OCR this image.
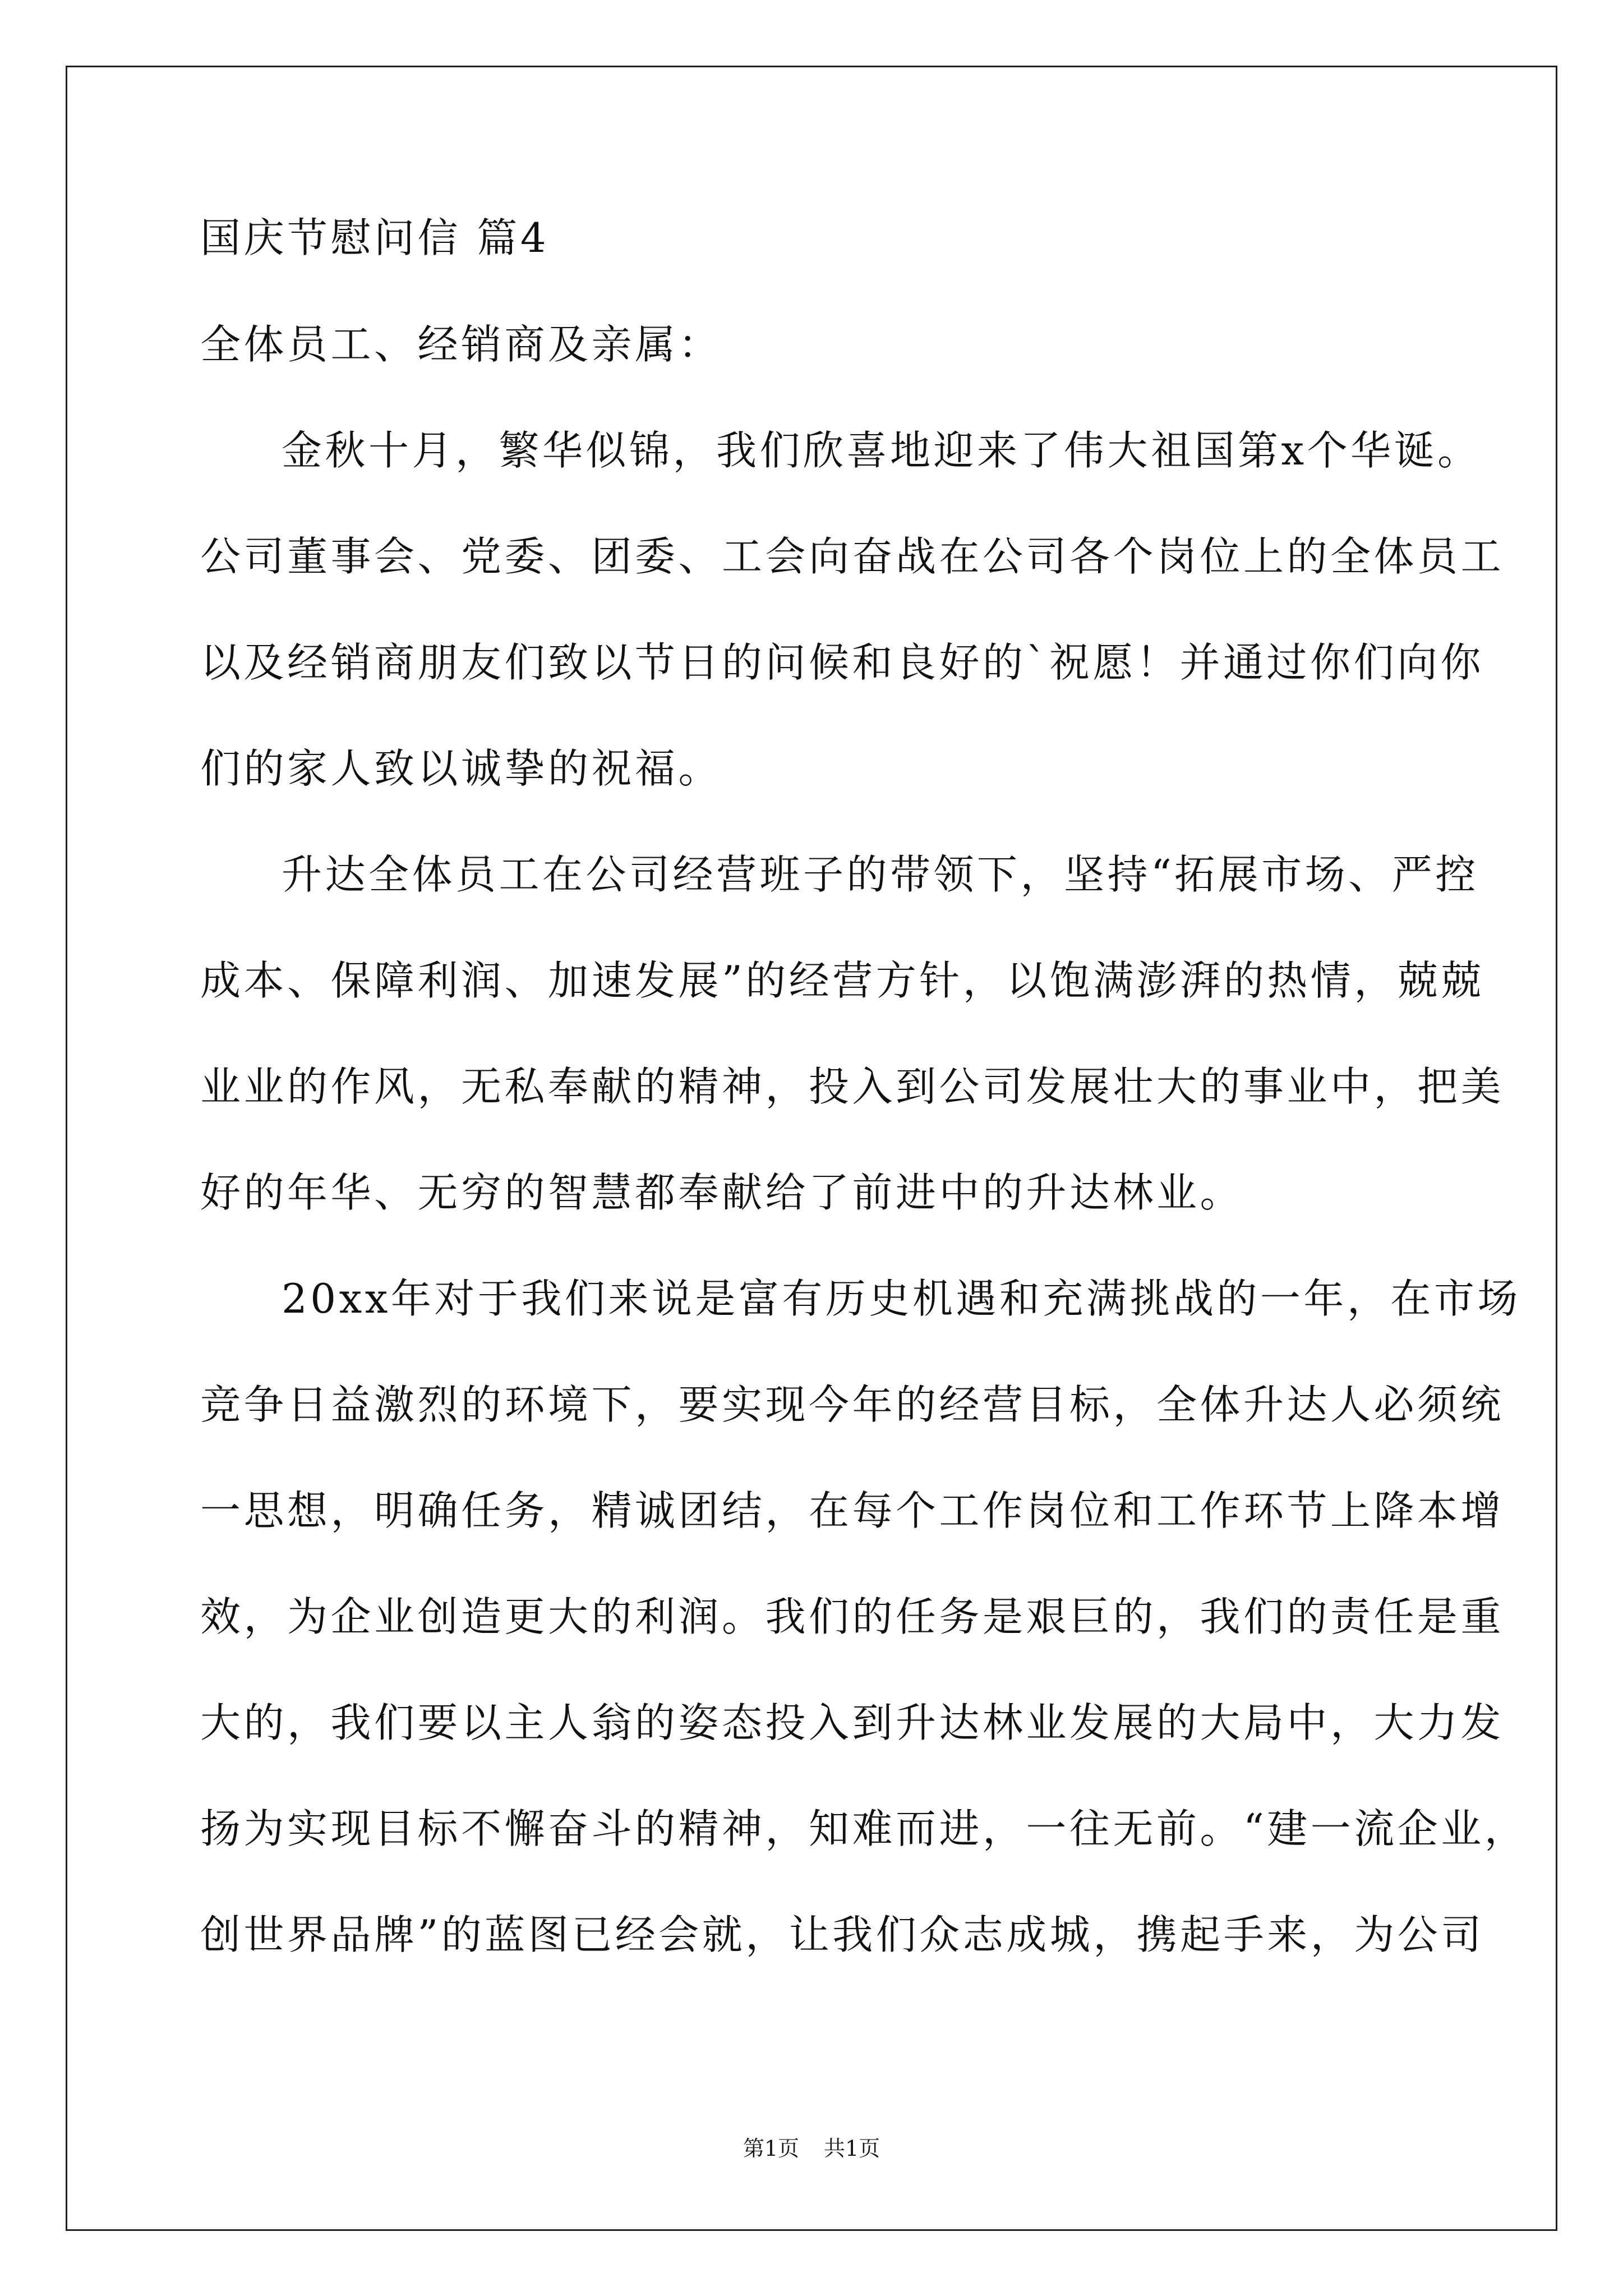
国庆节慰问信 篇4
全体员工、经销商及亲属：
金秋十月，繁华似锦，我们欣喜地迎来了伟大祖国第x个华诞。
公司董事会、党委、团委、工会向奋战在公司各个岗位上的全体员工
以及经销商朋友们致以节日的问候和良好的`祝愿！并通过你们向你
们的家人致以诚挚的祝福。
升达全体员工在公司经营班子的带领下，坚持“拓展市场、严控
成本、保障利润、加速发展”的经营方针，以饱满澎湃的热情，兢兢
业业的作风，无私奉献的精神，投入到公司发展壮大的事业中，把美
好的年华、无穷的智慧都奉献给了前进中的升达林业。
20xx年对于我们来说是富有历史机遇和充满挑战的一年，在市场
竞争日益激烈的环境下，要实现今年的经营目标，全体升达人必须统
一思想，明确任务，精诚团结，在每个工作岗位和工作环节上降本增
效，为企业创造更大的利润。我们的任务是艰巨的，我们的责任是重
大的，我们要以主人翁的姿态投入到升达林业发展的大局中，大力发
扬为实现目标不懈奋斗的精神，知难而进，一往无前。“建一流企业，
创世界品牌”的蓝图已经会就，让我们众志成城，携起手来，为公司
第1页 共1页
